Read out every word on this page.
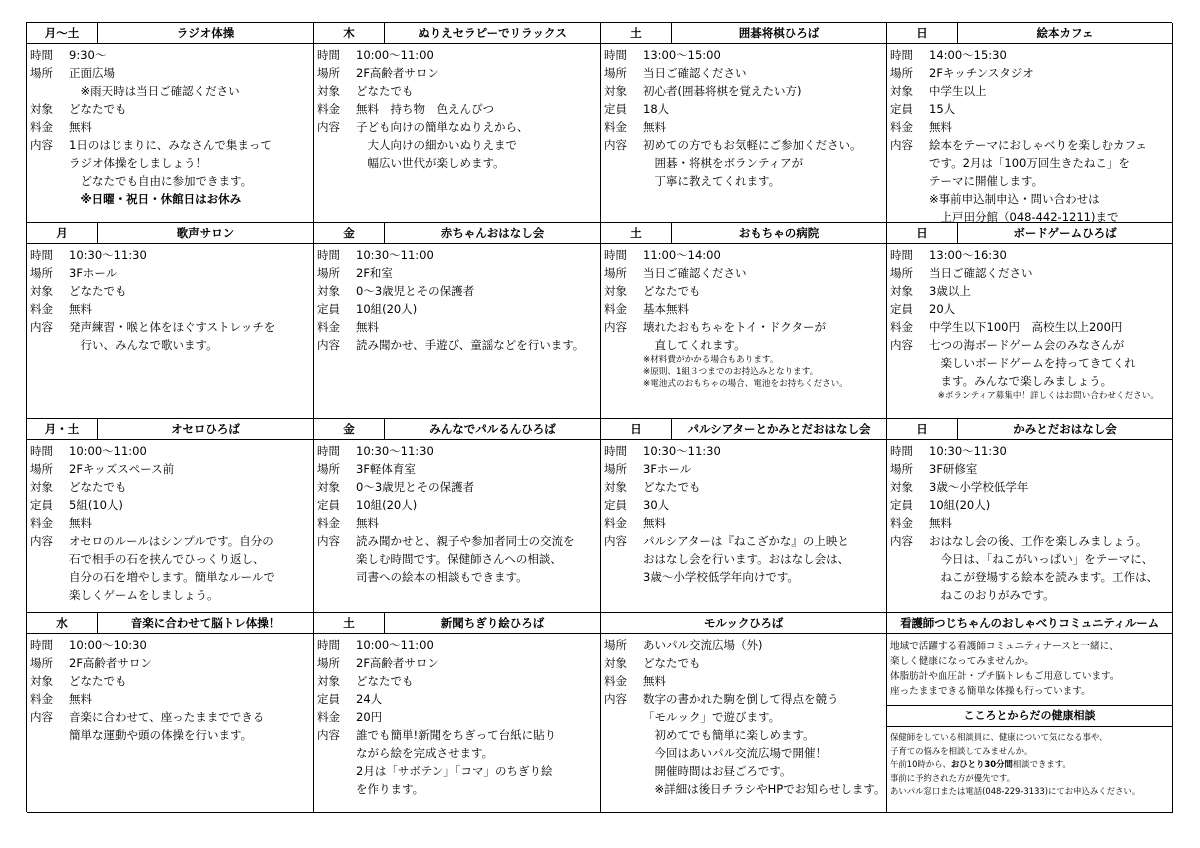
月〜土	ラジオ体操
時間	9:30〜
場所	正面広場
　※雨天時は当日ご確認ください
対象	どなたでも
料金	無料
内容	1日のはじまりに、みなさんで集まって
ラジオ体操をしましょう！
　どなたでも自由に参加できます。
　※日曜・祝日・休館日はお休み
木	ぬりえセラピーでリラックス
時間	10:00〜11:00
場所	2F高齢者サロン
対象	どなたでも
料金	無料　持ち物　色えんぴつ
内容	子ども向けの簡単なぬりえから、
　大人向けの細かいぬりえまで
　幅広い世代が楽しめます。
土	囲碁将棋ひろば
時間	13:00〜15:00
場所	当日ご確認ください
対象	初心者(囲碁将棋を覚えたい方)
定員	18人
料金	無料
内容	初めての方でもお気軽にご参加ください。
　囲碁・将棋をボランティアが
　丁寧に教えてくれます。
日	絵本カフェ
時間	14:00〜15:30
場所	2Fキッチンスタジオ
対象	中学生以上
定員	15人
料金	無料
内容	絵本をテーマにおしゃべりを楽しむカフェ
です。2月は「100万回生きたねこ」を
テーマに開催します。
※事前申込制申込・問い合わせは
　上戸田分館（048-442-1211)まで
月	歌声サロン
時間	10:30〜11:30
場所	3Fホール
対象	どなたでも
料金	無料
内容	発声練習・喉と体をほぐすストレッチを
　行い、みんなで歌います。
金	赤ちゃんおはなし会
時間	10:30〜11:00
場所	2F和室
対象	0〜3歳児とその保護者
定員	10組(20人)
料金	無料
内容	読み聞かせ、手遊び、童謡などを行います。
土	おもちゃの病院
時間	11:00〜14:00
場所	当日ご確認ください
対象	どなたでも
料金	基本無料
内容	壊れたおもちゃをトイ・ドクターが
　直してくれます。
※材料費がかかる場合もあります。
※原則、1組３つまでのお持込みとなります。
※電池式のおもちゃの場合、電池をお持ちください。
日	ボードゲームひろば
時間	13:00〜16:30
場所	当日ご確認ください
対象	3歳以上
定員	20人
料金	中学生以下100円　高校生以上200円
内容	七つの海ボードゲーム会のみなさんが
　楽しいボードゲームを持ってきてくれ
　ます。みんなで楽しみましょう。
　※ボランティア募集中！詳しくはお問い合わせください。
月・土	オセロひろば
時間	10:00〜11:00
場所	2Fキッズスペース前
対象	どなたでも
定員	5組(10人)
料金	無料
内容	オセロのルールはシンプルです。自分の
石で相手の石を挟んでひっくり返し、
自分の石を増やします。簡単なルールで
楽しくゲームをしましょう。
金	みんなでパルるんひろば
時間	10:30〜11:30
場所	3F軽体育室
対象	0〜3歳児とその保護者
定員	10組(20人)
料金	無料
内容	読み聞かせと、親子や参加者同士の交流を
楽しむ時間です。保健師さんへの相談、
司書への絵本の相談もできます。
日	パルシアターとかみとだおはなし会
時間	10:30〜11:30
場所	3Fホール
対象	どなたでも
定員	30人
料金	無料
内容	パルシアターは『ねこざかな』の上映と
おはなし会を行います。おはなし会は、
3歳〜小学校低学年向けです。
日	かみとだおはなし会
時間	10:30〜11:30
場所	3F研修室
対象	3歳〜小学校低学年
定員	10組(20人)
料金	無料
内容	おはなし会の後、工作を楽しみましょう。
　今日は、「ねこがいっぱい」をテーマに、
　ねこが登場する絵本を読みます。工作は、
　ねこのおりがみです。
水	音楽に合わせて脳トレ体操！
時間	10:00〜10:30
場所	2F高齢者サロン
対象	どなたでも
料金	無料
内容	音楽に合わせて、座ったままでできる
簡単な運動や頭の体操を行います。
土	新聞ちぎり絵ひろば
時間	10:00〜11:00
場所	2F高齢者サロン
対象	どなたでも
定員	24人
料金	20円
内容	誰でも簡単!新聞をちぎって台紙に貼り
ながら絵を完成させます。
2月は「サボテン」「コマ」のちぎり絵
を作ります。
モルックひろば
場所	あいパル交流広場（外)
対象	どなたでも
料金	無料
内容	数字の書かれた駒を倒して得点を競う
「モルック」で遊びます。
　初めてでも簡単に楽しめます。
　今回はあいパル交流広場で開催！
　開催時間はお昼ごろです。
　※詳細は後日チラシやHPでお知らせします。
看護師つじちゃんのおしゃべりコミュニティルーム
地域で活躍する看護師コミュニティナースと一緒に、
楽しく健康になってみませんか。
体脂肪計や血圧計・プチ脳トレもご用意しています。
座ったままできる簡単な体操も行っています。
こころとからだの健康相談
保健師をしている相談員に、健康について気になる事や、
子育ての悩みを相談してみませんか。
午前10時から、おひとり30分間相談できます。
事前に予約された方が優先です。
あいパル窓口または電話(048-229-3133)にてお申込みください。
